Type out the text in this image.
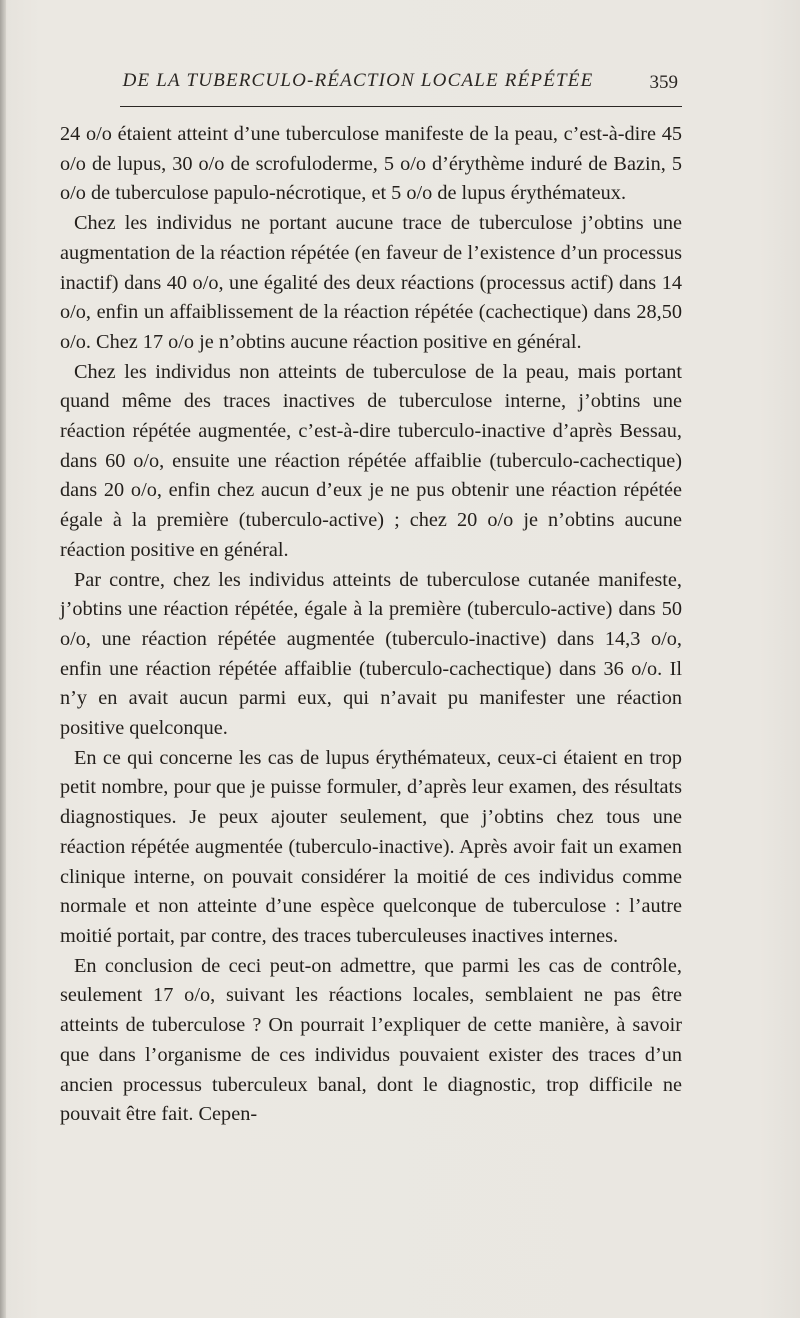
DE LA TUBERCULO-RÉACTION LOCALE RÉPÉTÉE	359

24 o/o étaient atteint d’une tuberculose manifeste de la peau, c’est-à-dire 45 o/o de lupus, 30 o/o de scrofuloderme, 5 o/o d’érythème induré de Bazin, 5 o/o de tuberculose papulo-nécrotique, et 5 o/o de lupus érythémateux.

Chez les individus ne portant aucune trace de tuberculose j’obtins une augmentation de la réaction répétée (en faveur de l’existence d’un processus inactif) dans 40 o/o, une égalité des deux réactions (processus actif) dans 14 o/o, enfin un affaiblissement de la réaction répétée (cachectique) dans 28,50 o/o. Chez 17 o/o je n’obtins aucune réaction positive en général.

Chez les individus non atteints de tuberculose de la peau, mais portant quand même des traces inactives de tuberculose interne, j’obtins une réaction répétée augmentée, c’est-à-dire tuberculo-inactive d’après Bessau, dans 60 o/o, ensuite une réaction répétée affaiblie (tuberculo-cachectique) dans 20 o/o, enfin chez aucun d’eux je ne pus obtenir une réaction répétée égale à la première (tuberculo-active) ; chez 20 o/o je n’obtins aucune réaction positive en général.

Par contre, chez les individus atteints de tuberculose cutanée manifeste, j’obtins une réaction répétée, égale à la première (tuberculo-active) dans 50 o/o, une réaction répétée augmentée (tuberculo-inactive) dans 14,3 o/o, enfin une réaction répétée affaiblie (tuberculo-cachectique) dans 36 o/o. Il n’y en avait aucun parmi eux, qui n’avait pu manifester une réaction positive quelconque.

En ce qui concerne les cas de lupus érythémateux, ceux-ci étaient en trop petit nombre, pour que je puisse formuler, d’après leur examen, des résultats diagnostiques. Je peux ajouter seulement, que j’obtins chez tous une réaction répétée augmentée (tuberculo-inactive). Après avoir fait un examen clinique interne, on pouvait considérer la moitié de ces individus comme normale et non atteinte d’une espèce quelconque de tuberculose : l’autre moitié portait, par contre, des traces tuberculeuses inactives internes.

En conclusion de ceci peut-on admettre, que parmi les cas de contrôle, seulement 17 o/o, suivant les réactions locales, semblaient ne pas être atteints de tuberculose ? On pourrait l’expliquer de cette manière, à savoir que dans l’organisme de ces individus pouvaient exister des traces d’un ancien processus tuberculeux banal, dont le diagnostic, trop difficile ne pouvait être fait. Cepen-
